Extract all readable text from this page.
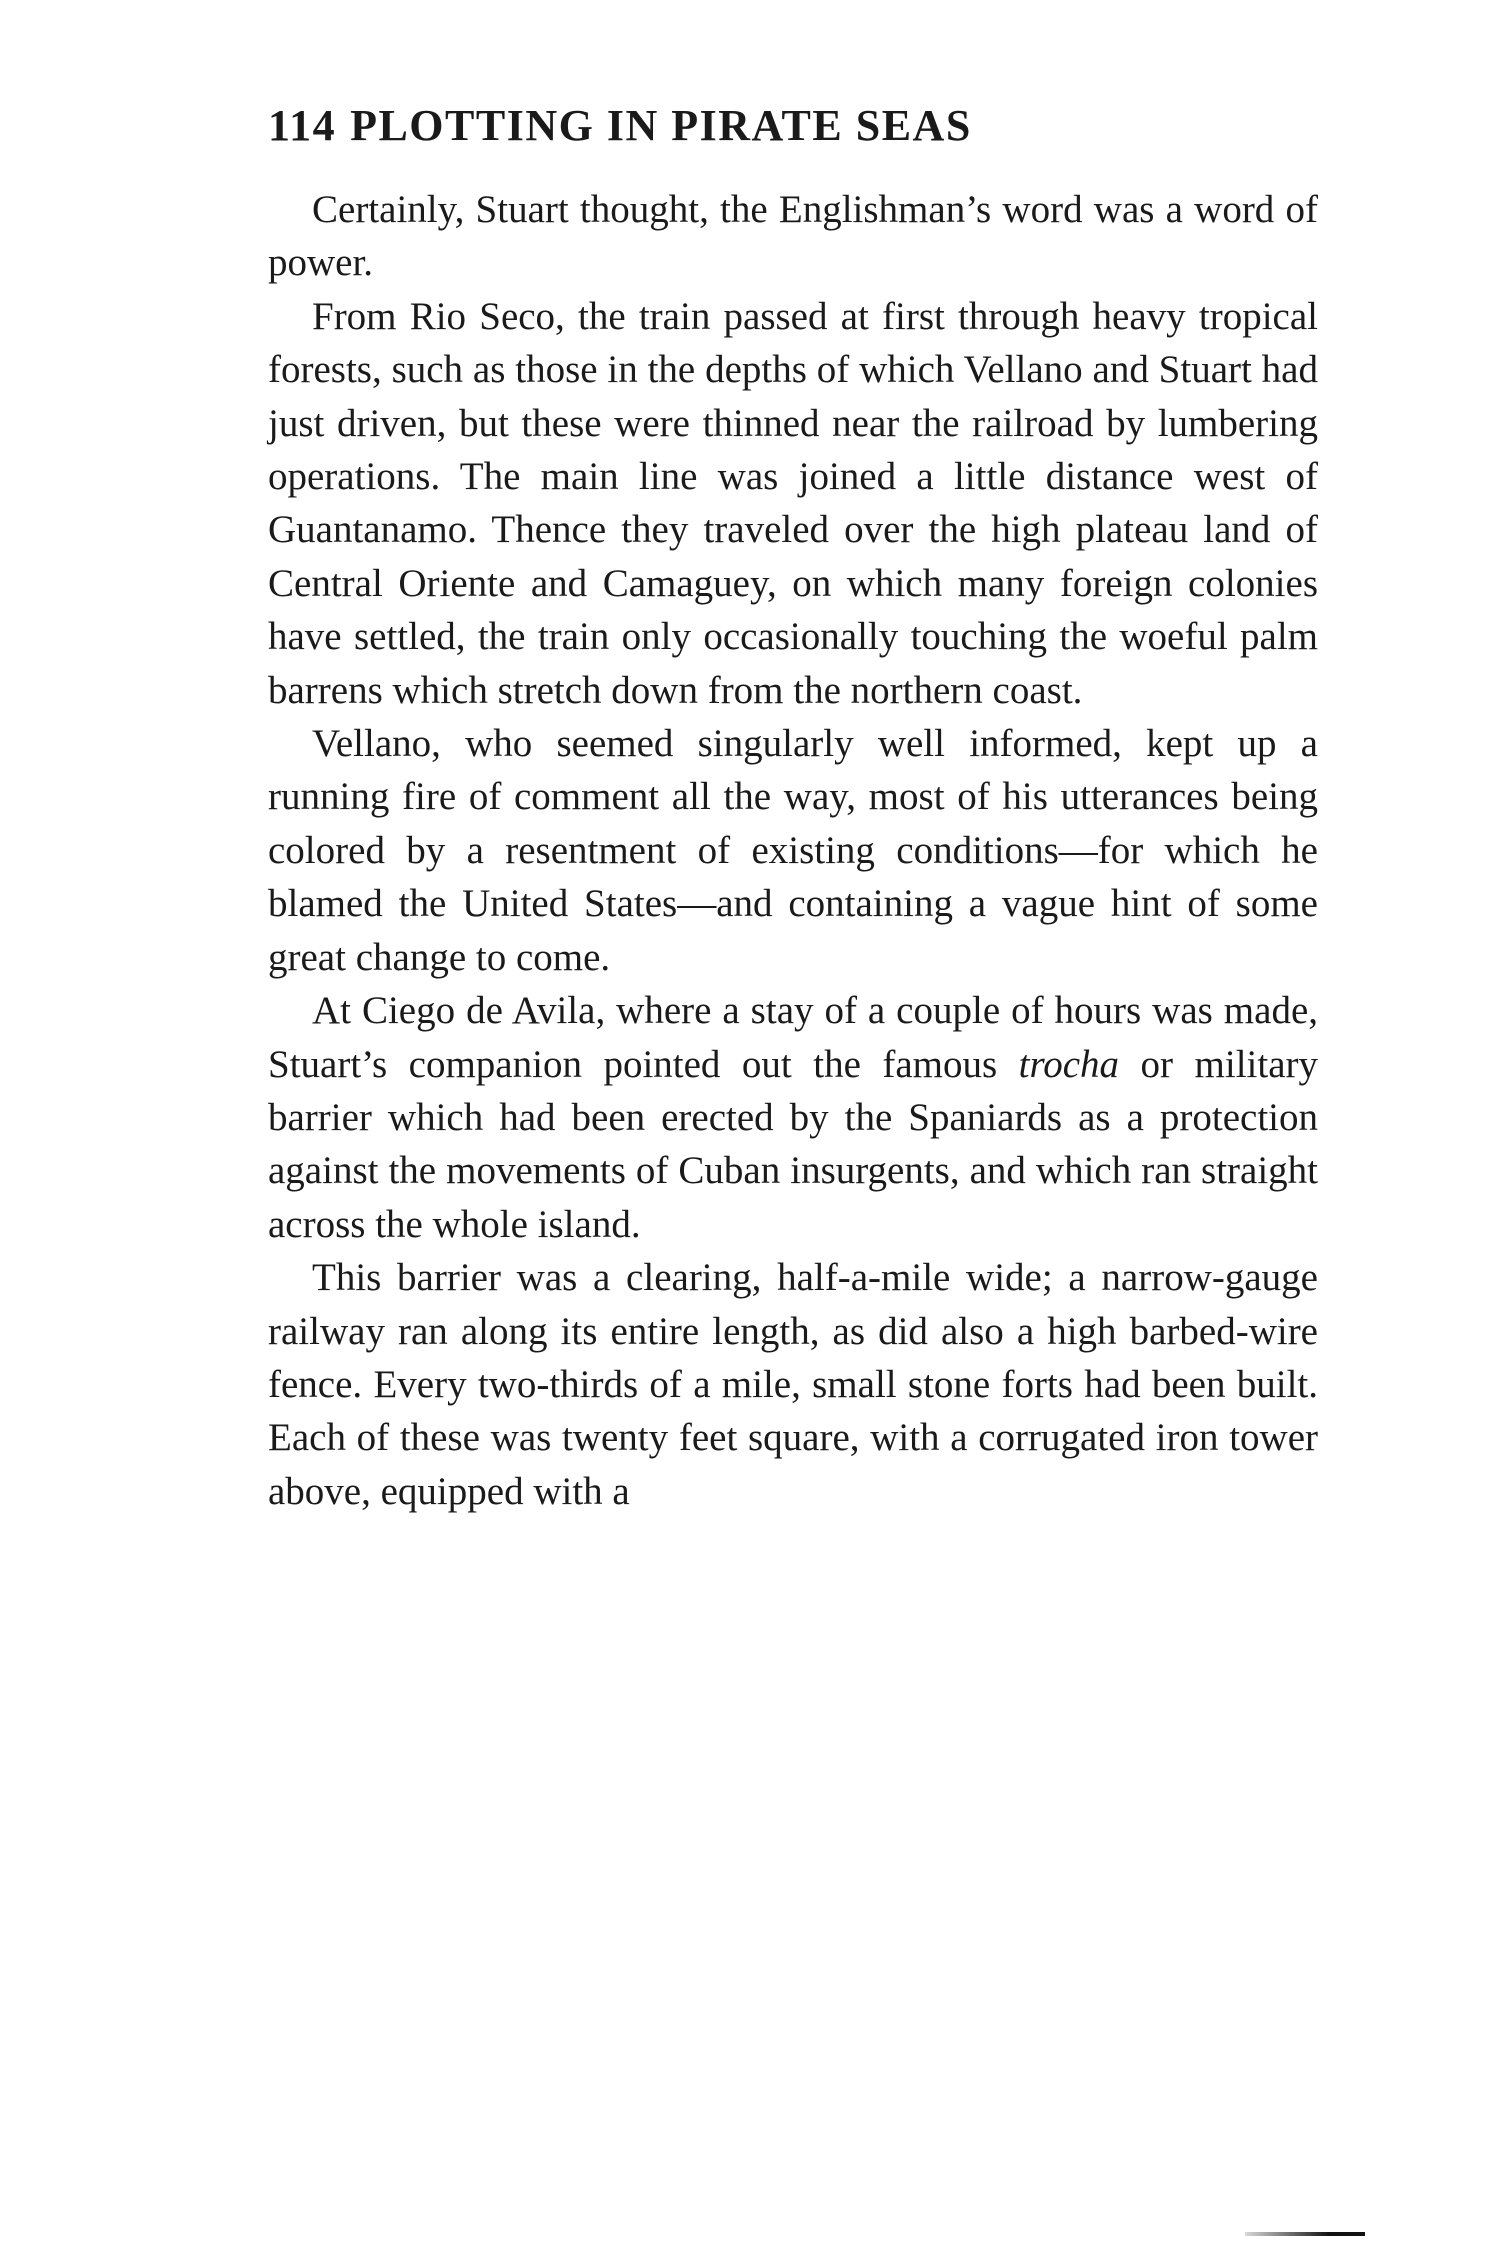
114 PLOTTING IN PIRATE SEAS

Certainly, Stuart thought, the Englishman’s word was a word of power.

From Rio Seco, the train passed at first through heavy tropical forests, such as those in the depths of which Vellano and Stuart had just driven, but these were thinned near the railroad by lumbering operations. The main line was joined a little distance west of Guantanamo. Thence they traveled over the high plateau land of Central Oriente and Camaguey, on which many foreign colonies have settled, the train only occasionally touching the woeful palm barrens which stretch down from the northern coast.

Vellano, who seemed singularly well informed, kept up a running fire of comment all the way, most of his utterances being colored by a resentment of existing conditions—for which he blamed the United States—and containing a vague hint of some great change to come.

At Ciego de Avila, where a stay of a couple of hours was made, Stuart’s companion pointed out the famous trocha or military barrier which had been erected by the Spaniards as a protection against the movements of Cuban insurgents, and which ran straight across the whole island.

This barrier was a clearing, half-a-mile wide; a narrow-gauge railway ran along its entire length, as did also a high barbed-wire fence. Every two-thirds of a mile, small stone forts had been built. Each of these was twenty feet square, with a corrugated iron tower above, equipped with a
